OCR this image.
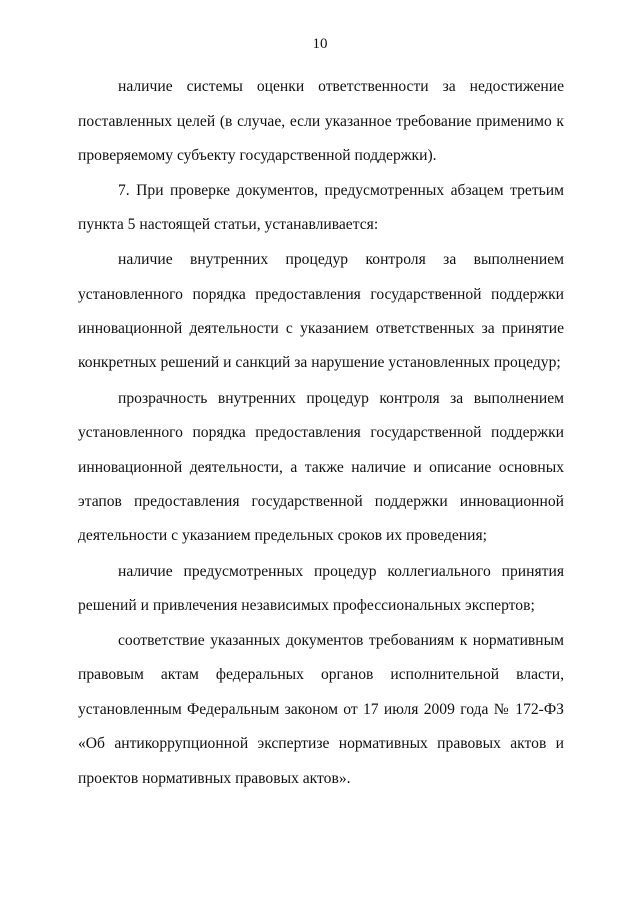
10
наличие системы оценки ответственности за недостижение
поставленных целей (в случае, если указанное требование применимо к
проверяемому субъекту государственной поддержки).
7. При проверке документов, предусмотренных абзацем третьим
пункта 5 настоящей статьи, устанавливается:
наличие внутренних процедур контроля за выполнением
установленного порядка предоставления государственной поддержки
инновационной деятельности с указанием ответственных за принятие
конкретных решений и санкций за нарушение установленных процедур;
прозрачность внутренних процедур контроля за выполнением
установленного порядка предоставления государственной поддержки
инновационной деятельности, а также наличие и описание основных
этапов предоставления государственной поддержки инновационной
деятельности с указанием предельных сроков их проведения;
наличие предусмотренных процедур коллегиального принятия
решений и привлечения независимых профессиональных экспертов;
соответствие указанных документов требованиям к нормативным
правовым актам федеральных органов исполнительной власти,
установленным Федеральным законом от 17 июля 2009 года № 172-ФЗ
«Об антикоррупционной экспертизе нормативных правовых актов и
проектов нормативных правовых актов».
